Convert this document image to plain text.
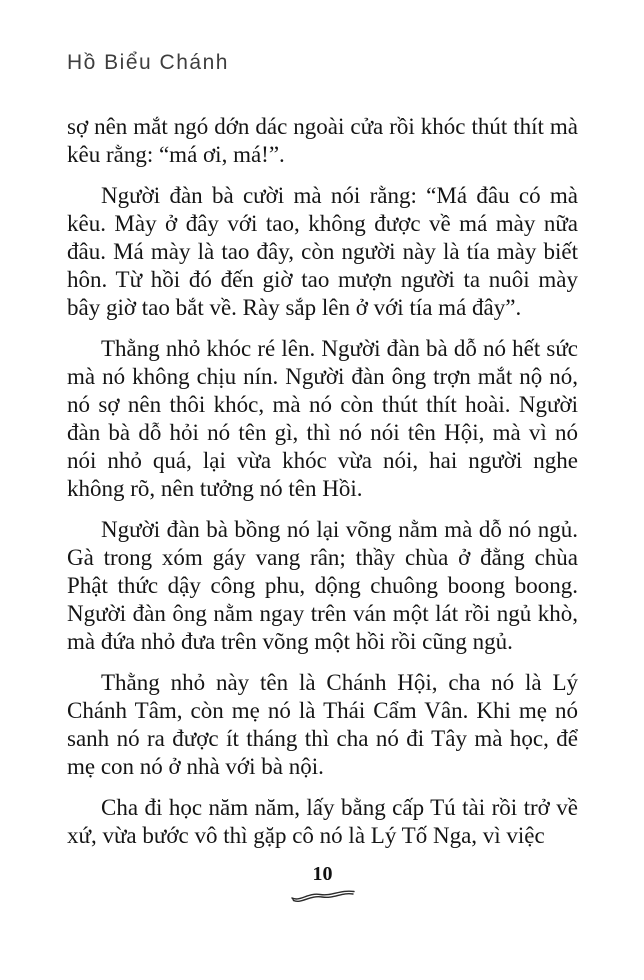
Hồ Biểu Chánh

sợ nên mắt ngó dớn dác ngoài cửa rồi khóc thút thít mà kêu rằng: “má ơi, má!”.

Người đàn bà cười mà nói rằng: “Má đâu có mà kêu. Mày ở đây với tao, không được về má mày nữa đâu. Má mày là tao đây, còn người này là tía mày biết hôn. Từ hồi đó đến giờ tao mượn người ta nuôi mày bây giờ tao bắt về. Rày sắp lên ở với tía má đây”.

Thằng nhỏ khóc ré lên. Người đàn bà dỗ nó hết sức mà nó không chịu nín. Người đàn ông trợn mắt nộ nó, nó sợ nên thôi khóc, mà nó còn thút thít hoài. Người đàn bà dỗ hỏi nó tên gì, thì nó nói tên Hội, mà vì nó nói nhỏ quá, lại vừa khóc vừa nói, hai người nghe không rõ, nên tưởng nó tên Hồi.

Người đàn bà bồng nó lại võng nằm mà dỗ nó ngủ. Gà trong xóm gáy vang rân; thầy chùa ở đằng chùa Phật thức dậy công phu, dộng chuông boong boong. Người đàn ông nằm ngay trên ván một lát rồi ngủ khò, mà đứa nhỏ đưa trên võng một hồi rồi cũng ngủ.

Thằng nhỏ này tên là Chánh Hội, cha nó là Lý Chánh Tâm, còn mẹ nó là Thái Cẩm Vân. Khi mẹ nó sanh nó ra được ít tháng thì cha nó đi Tây mà học, để mẹ con nó ở nhà với bà nội.

Cha đi học năm năm, lấy bằng cấp Tú tài rồi trở về xứ, vừa bước vô thì gặp cô nó là Lý Tố Nga, vì việc

10
